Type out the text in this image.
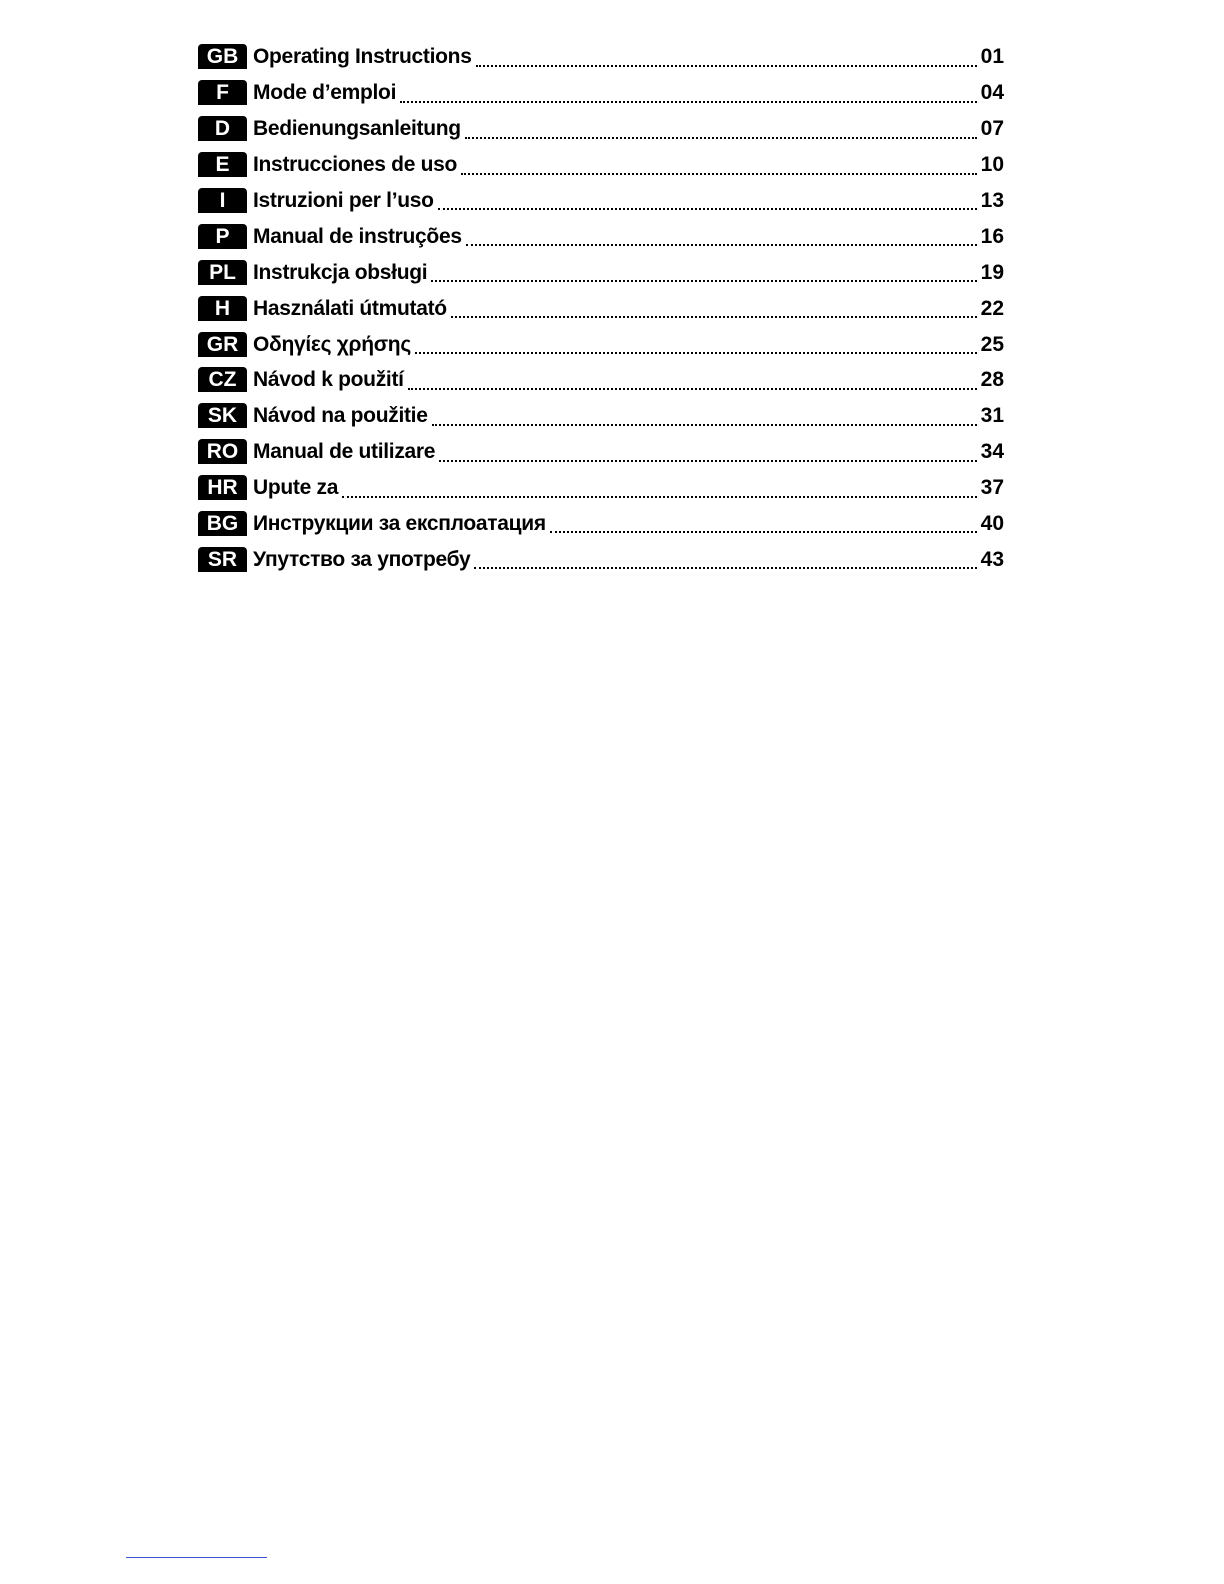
GB Operating Instructions	01
F	Mode d’emploi	04
D	Bedienungsanleitung	07
E	Instrucciones de uso	10
I	Istruzioni per l’uso	13
P	Manual de instruções	16
PL Instrukcja obsługi	19
H	Használati útmutató	22
GR Οδηγίες χρήσης	25
CZ Návod k použití	28
SK Návod na použitie	31
RO Manual de utilizare	34
HR Upute za	37
BG Инструкции за експлоатация	40
SR Упутство за употребу	43
